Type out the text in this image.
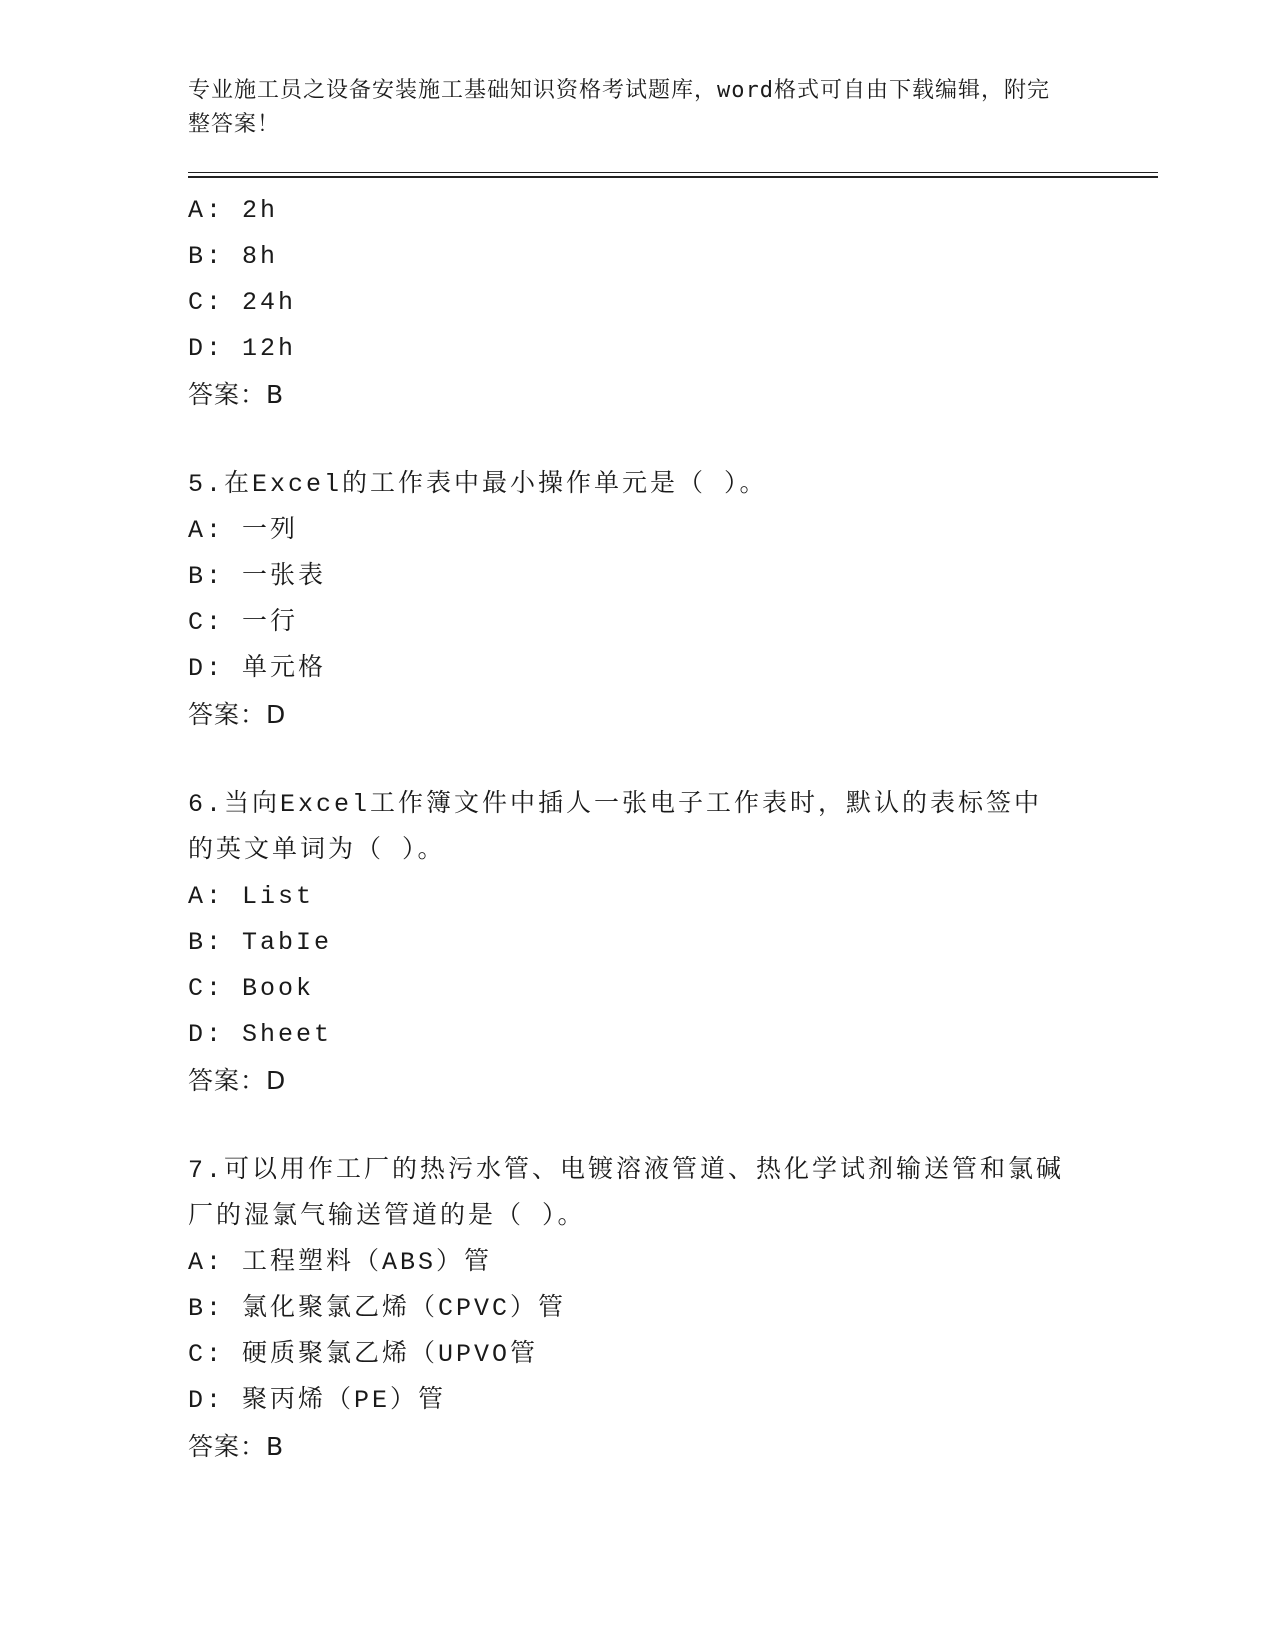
专业施工员之设备安装施工基础知识资格考试题库，word格式可自由下载编辑，附完整答案！
A: 2h
B: 8h
C: 24h
D: 12h
答案：B
5.在Excel的工作表中最小操作单元是（ ）。
A: 一列
B: 一张表
C: 一行
D: 单元格
答案：D
6.当向Excel工作簿文件中插人一张电子工作表时，默认的表标签中的英文单词为（ ）。
A: List
B: TabIe
C: Book
D: Sheet
答案：D
7.可以用作工厂的热污水管、电镀溶液管道、热化学试剂输送管和氯碱厂的湿氯气输送管道的是（ ）。
A: 工程塑料（ABS）管
B: 氯化聚氯乙烯（CPVC）管
C: 硬质聚氯乙烯（UPVO管
D: 聚丙烯（PE）管
答案：B
